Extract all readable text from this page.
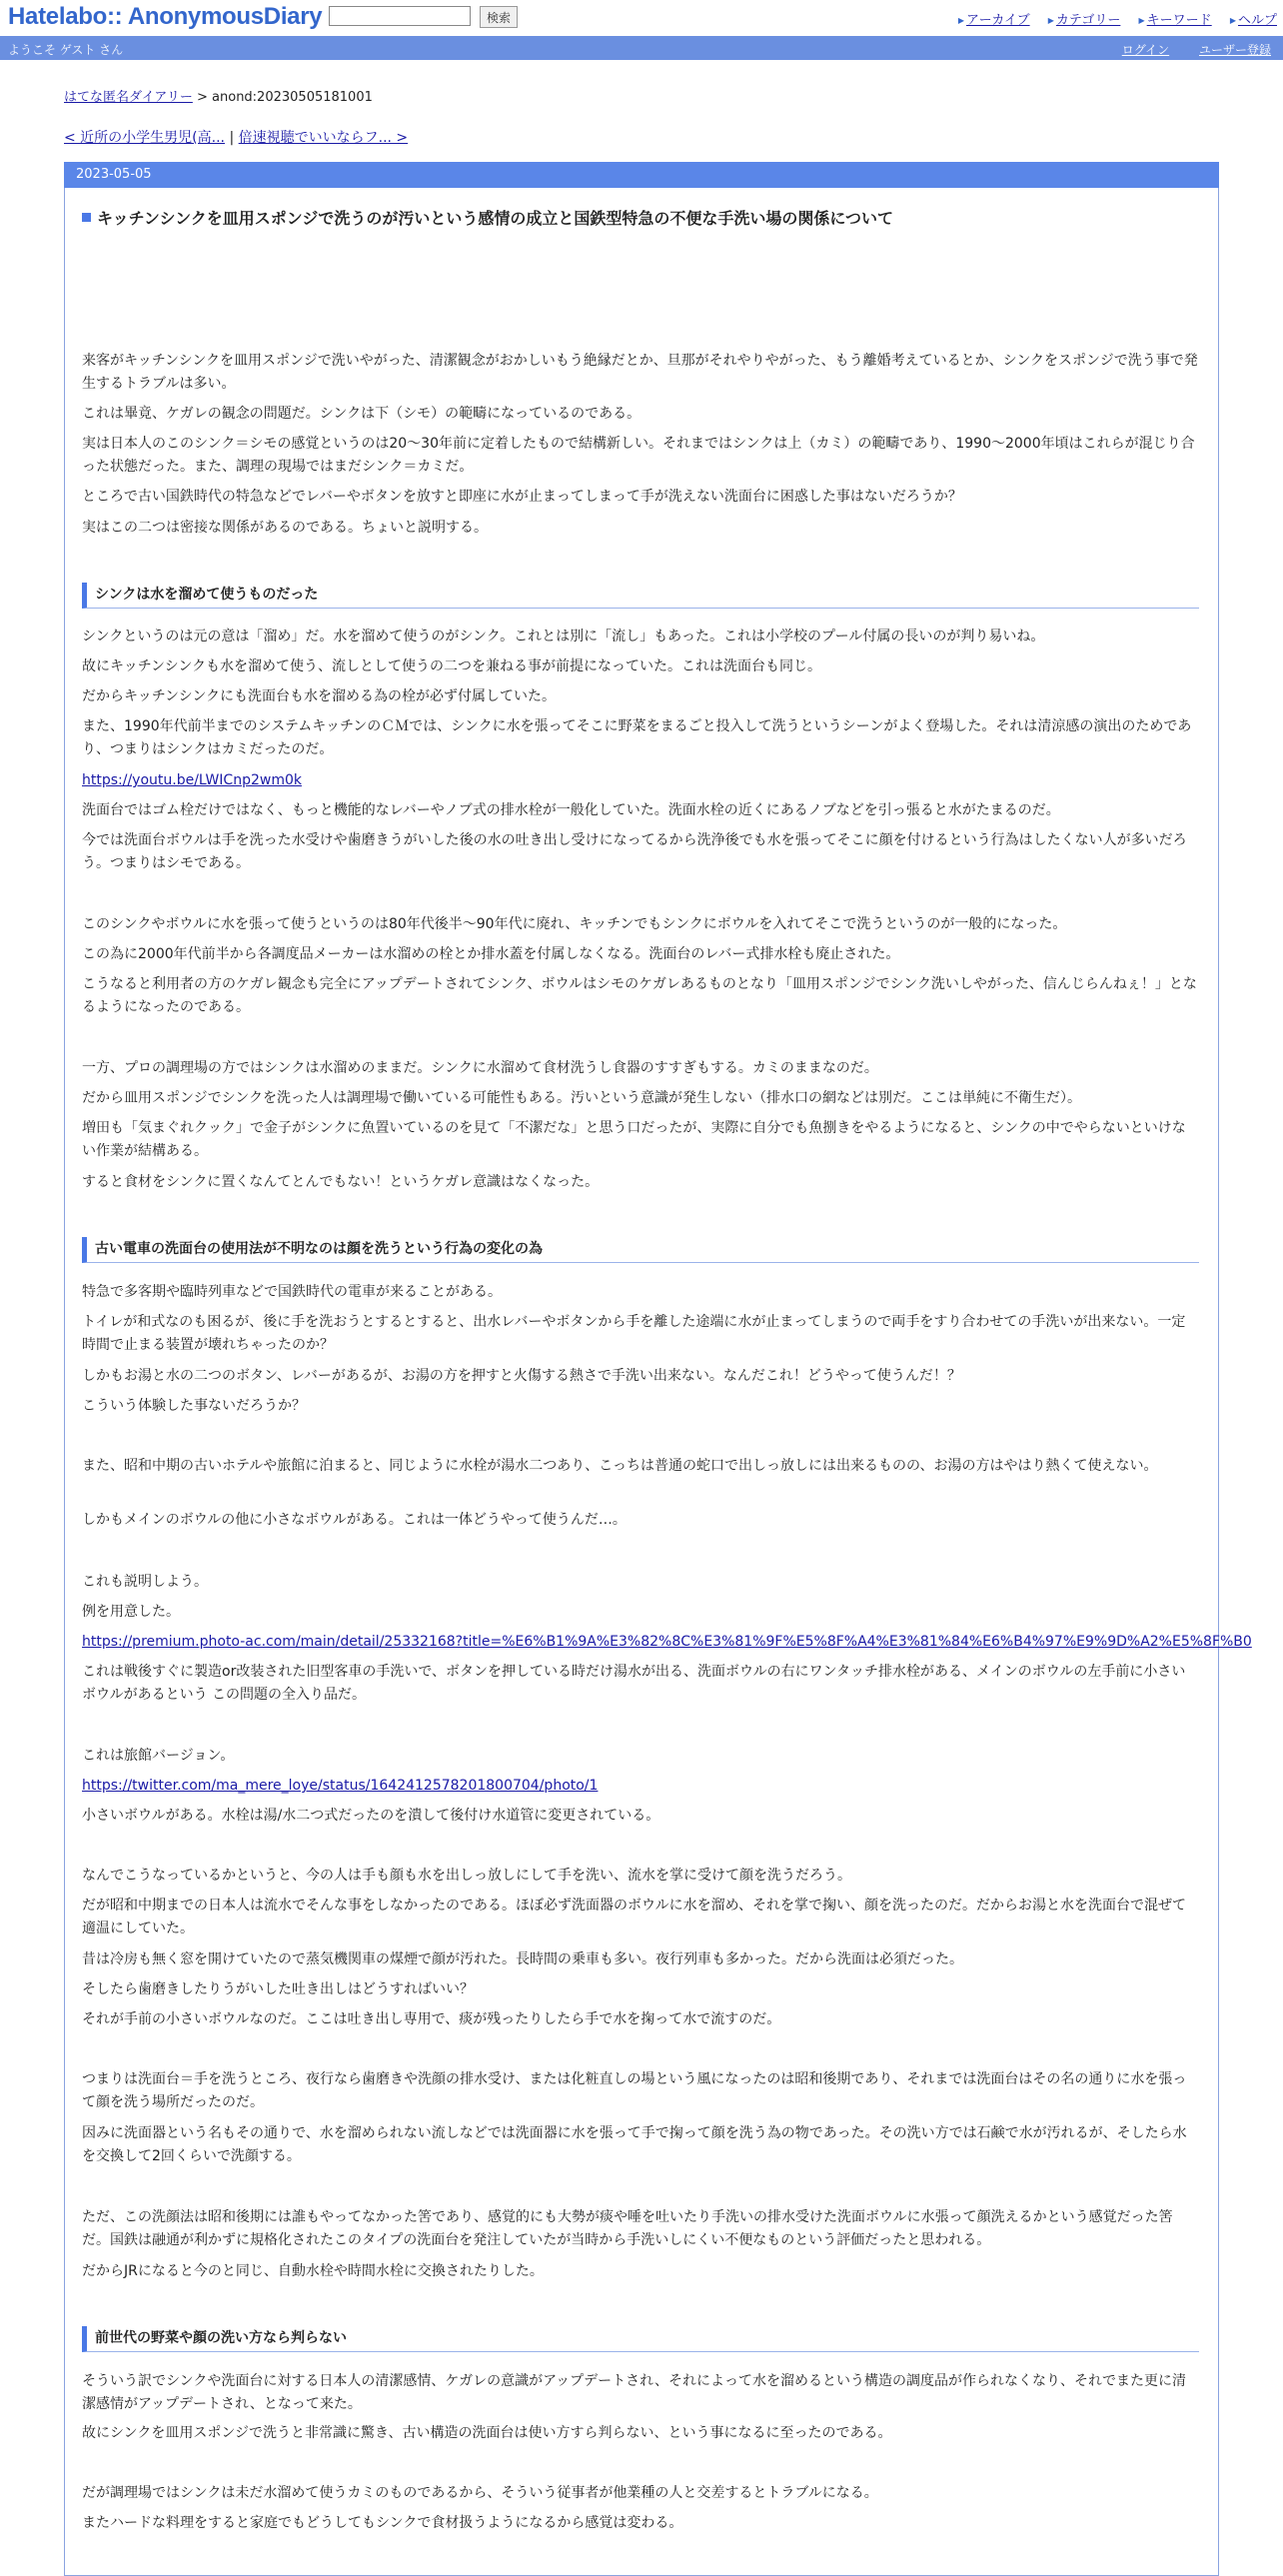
Hatelabo:: AnonymousDiary	検索	▶ アーカイブ ▶ カテゴリー ▶ キーワード ▶ ヘルプ
ようこそ ゲスト さん	ログイン ユーザー登録
はてな匿名ダイアリー > anond:20230505181001
< 近所の小学生男児(高... | 倍速視聴でいいならフ... >
2023-05-05
キッチンシンクを皿用スポンジで洗うのが汚いという感情の成立と国鉄型特急の不便な手洗い場の関係について

来客がキッチンシンクを皿用スポンジで洗いやがった、清潔観念がおかしいもう絶縁だとか、旦那がそれやりやがった、もう離婚考えているとか、シンクをスポンジで洗う事で発生するトラブルは多い。

これは畢竟、ケガレの観念の問題だ。シンクは下（シモ）の範疇になっているのである。

実は日本人のこのシンク＝シモの感覚というのは20～30年前に定着したもので結構新しい。それまではシンクは上（カミ）の範疇であり、1990～2000年頃はこれらが混じり合った状態だった。また、調理の現場ではまだシンク＝カミだ。

ところで古い国鉄時代の特急などでレバーやボタンを放すと即座に水が止まってしまって手が洗えない洗面台に困惑した事はないだろうか？

実はこの二つは密接な関係があるのである。ちょいと説明する。

シンクは水を溜めて使うものだった

シンクというのは元の意は「溜め」だ。水を溜めて使うのがシンク。これとは別に「流し」もあった。これは小学校のプール付属の長いのが判り易いね。

故にキッチンシンクも水を溜めて使う、流しとして使うの二つを兼ねる事が前提になっていた。これは洗面台も同じ。

だからキッチンシンクにも洗面台も水を溜める為の栓が必ず付属していた。

また、1990年代前半までのシステムキッチンのＣＭでは、シンクに水を張ってそこに野菜をまるごと投入して洗うというシーンがよく登場した。それは清涼感の演出のためであり、つまりはシンクはカミだったのだ。

https://youtu.be/LWICnp2wm0k

洗面台ではゴム栓だけではなく、もっと機能的なレバーやノブ式の排水栓が一般化していた。洗面水栓の近くにあるノブなどを引っ張ると水がたまるのだ。

今では洗面台ボウルは手を洗った水受けや歯磨きうがいした後の水の吐き出し受けになってるから洗浄後でも水を張ってそこに顔を付けるという行為はしたくない人が多いだろう。つまりはシモである。

このシンクやボウルに水を張って使うというのは80年代後半～90年代に廃れ、キッチンでもシンクにボウルを入れてそこで洗うというのが一般的になった。

この為に2000年代前半から各調度品メーカーは水溜めの栓とか排水蓋を付属しなくなる。洗面台のレバー式排水栓も廃止された。

こうなると利用者の方のケガレ観念も完全にアップデートされてシンク、ボウルはシモのケガレあるものとなり「皿用スポンジでシンク洗いしやがった、信んじらんねぇ！」となるようになったのである。

一方、プロの調理場の方ではシンクは水溜めのままだ。シンクに水溜めて食材洗うし食器のすすぎもする。カミのままなのだ。

だから皿用スポンジでシンクを洗った人は調理場で働いている可能性もある。汚いという意識が発生しない（排水口の網などは別だ。ここは単純に不衛生だ）。

増田も「気まぐれクック」で金子がシンクに魚置いているのを見て「不潔だな」と思う口だったが、実際に自分でも魚捌きをやるようになると、シンクの中でやらないといけない作業が結構ある。

すると食材をシンクに置くなんてとんでもない！というケガレ意識はなくなった。

古い電車の洗面台の使用法が不明なのは顔を洗うという行為の変化の為

特急で多客期や臨時列車などで国鉄時代の電車が来ることがある。

トイレが和式なのも困るが、後に手を洗おうとするとすると、出水レバーやボタンから手を離した途端に水が止まってしまうので両手をすり合わせての手洗いが出来ない。一定時間で止まる装置が壊れちゃったのか？

しかもお湯と水の二つのボタン、レバーがあるが、お湯の方を押すと火傷する熱さで手洗い出来ない。なんだこれ！どうやって使うんだ！？

こういう体験した事ないだろうか？

また、昭和中期の古いホテルや旅館に泊まると、同じように水栓が湯水二つあり、こっちは普通の蛇口で出しっ放しには出来るものの、お湯の方はやはり熱くて使えない。

しかもメインのボウルの他に小さなボウルがある。これは一体どうやって使うんだ…。

これも説明しよう。

例を用意した。

https://premium.photo-ac.com/main/detail/25332168?title=%E6%B1%9A%E3%82%8C%E3%81%9F%E5%8F%A4%E3%81%84%E6%B4%97%E9%9D%A2%E5%8F%B0

これは戦後すぐに製造or改装された旧型客車の手洗いで、ボタンを押している時だけ湯水が出る、洗面ボウルの右にワンタッチ排水栓がある、メインのボウルの左手前に小さいボウルがあるという この問題の全入り品だ。

これは旅館バージョン。

https://twitter.com/ma_mere_loye/status/1642412578201800704/photo/1

小さいボウルがある。水栓は湯/水二つ式だったのを潰して後付け水道管に変更されている。

なんでこうなっているかというと、今の人は手も顔も水を出しっ放しにして手を洗い、流水を掌に受けて顔を洗うだろう。

だが昭和中期までの日本人は流水でそんな事をしなかったのである。ほぼ必ず洗面器のボウルに水を溜め、それを掌で掬い、顔を洗ったのだ。だからお湯と水を洗面台で混ぜて適温にしていた。

昔は冷房も無く窓を開けていたので蒸気機関車の煤煙で顔が汚れた。長時間の乗車も多い。夜行列車も多かった。だから洗面は必須だった。

そしたら歯磨きしたりうがいした吐き出しはどうすればいい？

それが手前の小さいボウルなのだ。ここは吐き出し専用で、痰が残ったりしたら手で水を掬って水で流すのだ。

つまりは洗面台＝手を洗うところ、夜行なら歯磨きや洗顔の排水受け、または化粧直しの場という風になったのは昭和後期であり、それまでは洗面台はその名の通りに水を張って顔を洗う場所だったのだ。

因みに洗面器という名もその通りで、水を溜められない流しなどでは洗面器に水を張って手で掬って顔を洗う為の物であった。その洗い方では石鹸で水が汚れるが、そしたら水を交換して2回くらいで洗顔する。

ただ、この洗顔法は昭和後期には誰もやってなかった筈であり、感覚的にも大勢が痰や唾を吐いたり手洗いの排水受けた洗面ボウルに水張って顔洗えるかという感覚だった筈だ。国鉄は融通が利かずに規格化されたこのタイプの洗面台を発注していたが当時から手洗いしにくい不便なものという評価だったと思われる。

だからJRになると今のと同じ、自動水栓や時間水栓に交換されたりした。

前世代の野菜や顔の洗い方なら判らない

そういう訳でシンクや洗面台に対する日本人の清潔感情、ケガレの意識がアップデートされ、それによって水を溜めるという構造の調度品が作られなくなり、それでまた更に清潔感情がアップデートされ、となって来た。

故にシンクを皿用スポンジで洗うと非常識に驚き、古い構造の洗面台は使い方すら判らない、という事になるに至ったのである。

だが調理場ではシンクは未だ水溜めて使うカミのものであるから、そういう従事者が他業種の人と交差するとトラブルになる。

またハードな料理をすると家庭でもどうしてもシンクで食材扱うようになるから感覚は変わる。
